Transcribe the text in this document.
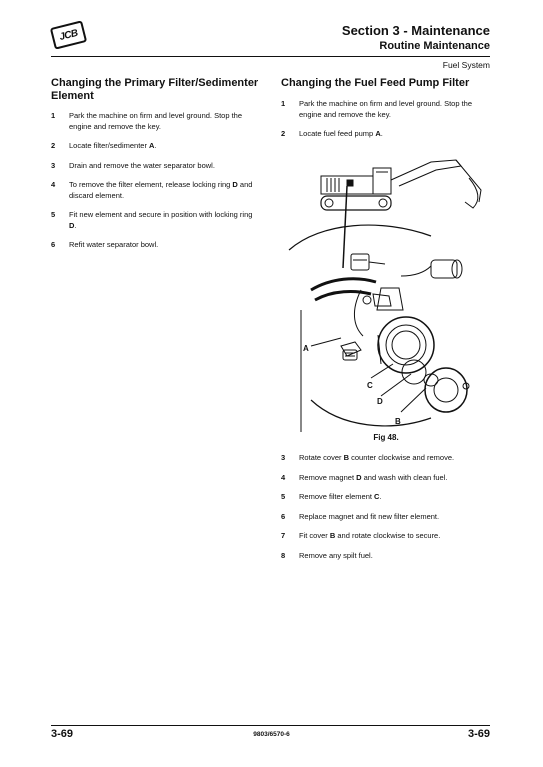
JCB	Section 3 - Maintenance
Routine Maintenance
Fuel System
Changing the Primary Filter/Sedimenter Element
1	Park the machine on firm and level ground. Stop the engine and remove the key.
2	Locate filter/sedimenter A.
3	Drain and remove the water separator bowl.
4	To remove the filter element, release locking ring D and discard element.
5	Fit new element and secure in position with locking ring D.
6	Refit water separator bowl.
Changing the Fuel Feed Pump Filter
1	Park the machine on firm and level ground. Stop the engine and remove the key.
2	Locate fuel feed pump A.
A
C
D
B
Fig 48.
3	Rotate cover B counter clockwise and remove.
4	Remove magnet D and wash with clean fuel.
5	Remove filter element C.
6	Replace magnet and fit new filter element.
7	Fit cover B and rotate clockwise to secure.
8	Remove any spilt fuel.
3-69	9803/6570-6	3-69
